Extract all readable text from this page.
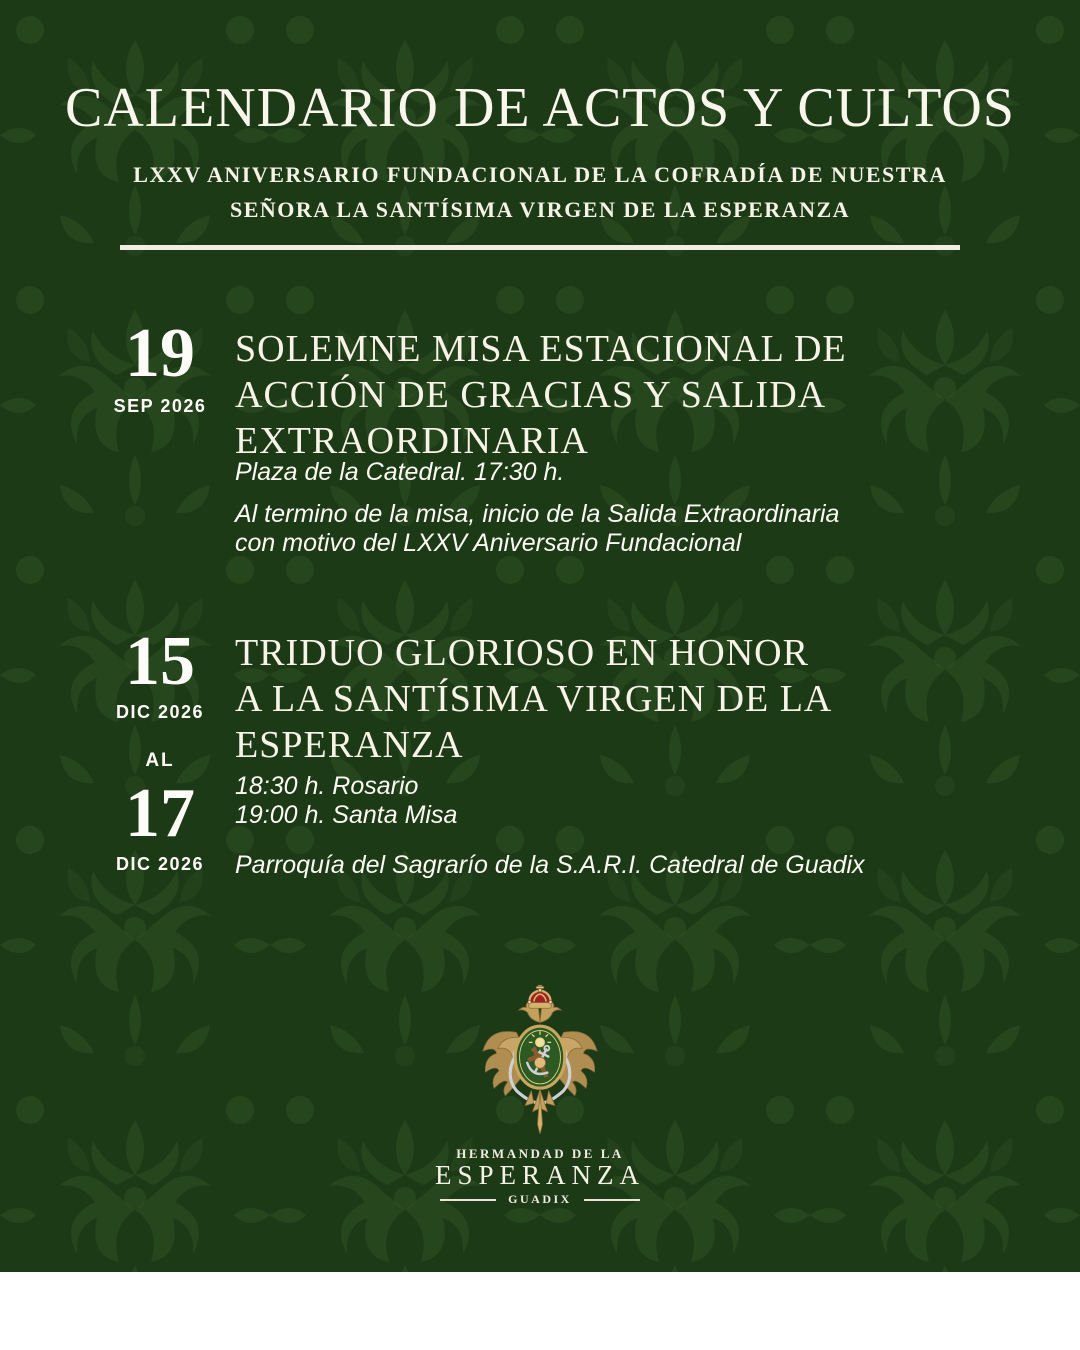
CALENDARIO DE ACTOS Y CULTOS
LXXV ANIVERSARIO FUNDACIONAL DE LA COFRADÍA DE NUESTRA
SEÑORA LA SANTÍSIMA VIRGEN DE LA ESPERANZA
19
SEP 2026
SOLEMNE MISA ESTACIONAL DE
ACCIÓN DE GRACIAS Y SALIDA
EXTRAORDINARIA
Plaza de la Catedral. 17:30 h.
Al termino de la misa, inicio de la Salida Extraordinaria
con motivo del LXXV Aniversario Fundacional
15
DIC 2026
AL
17
DIC 2026
TRIDUO GLORIOSO EN HONOR
A LA SANTÍSIMA VIRGEN DE LA
ESPERANZA
18:30 h. Rosario
19:00 h. Santa Misa
Parroquía del Sagrarío de la S.A.R.I. Catedral de Guadix
HERMANDAD DE LA
ESPERANZA
GUADIX
